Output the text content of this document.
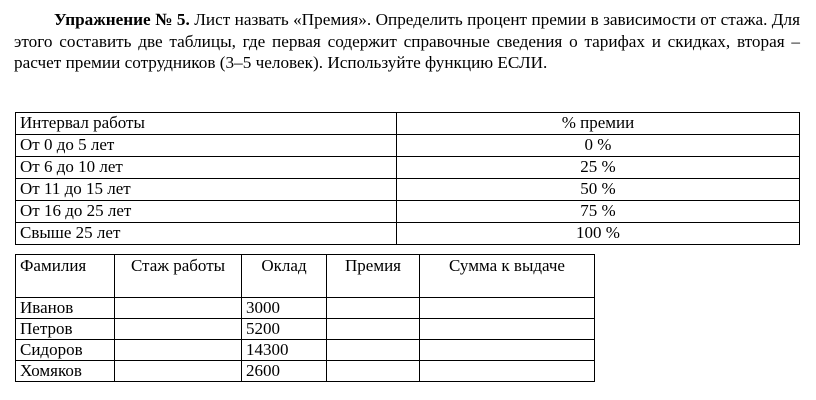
Упражнение № 5. Лист назвать «Премия». Определить процент премии в зависимости от стажа. Для этого составить две таблицы, где первая содержит справочные сведения о тарифах и скидках, вторая – расчет премии сотрудников (3–5 человек). Используйте функцию ЕСЛИ.
Интервал работы	% премии
От 0 до 5 лет	0 %
От 6 до 10 лет	25 %
От 11 до 15 лет	50 %
От 16 до 25 лет	75 %
Свыше 25 лет	100 %
Фамилия	Стаж работы	Оклад	Премия	Сумма к выдаче
Иванов		3000		
Петров		5200		
Сидоров		14300		
Хомяков		2600		
